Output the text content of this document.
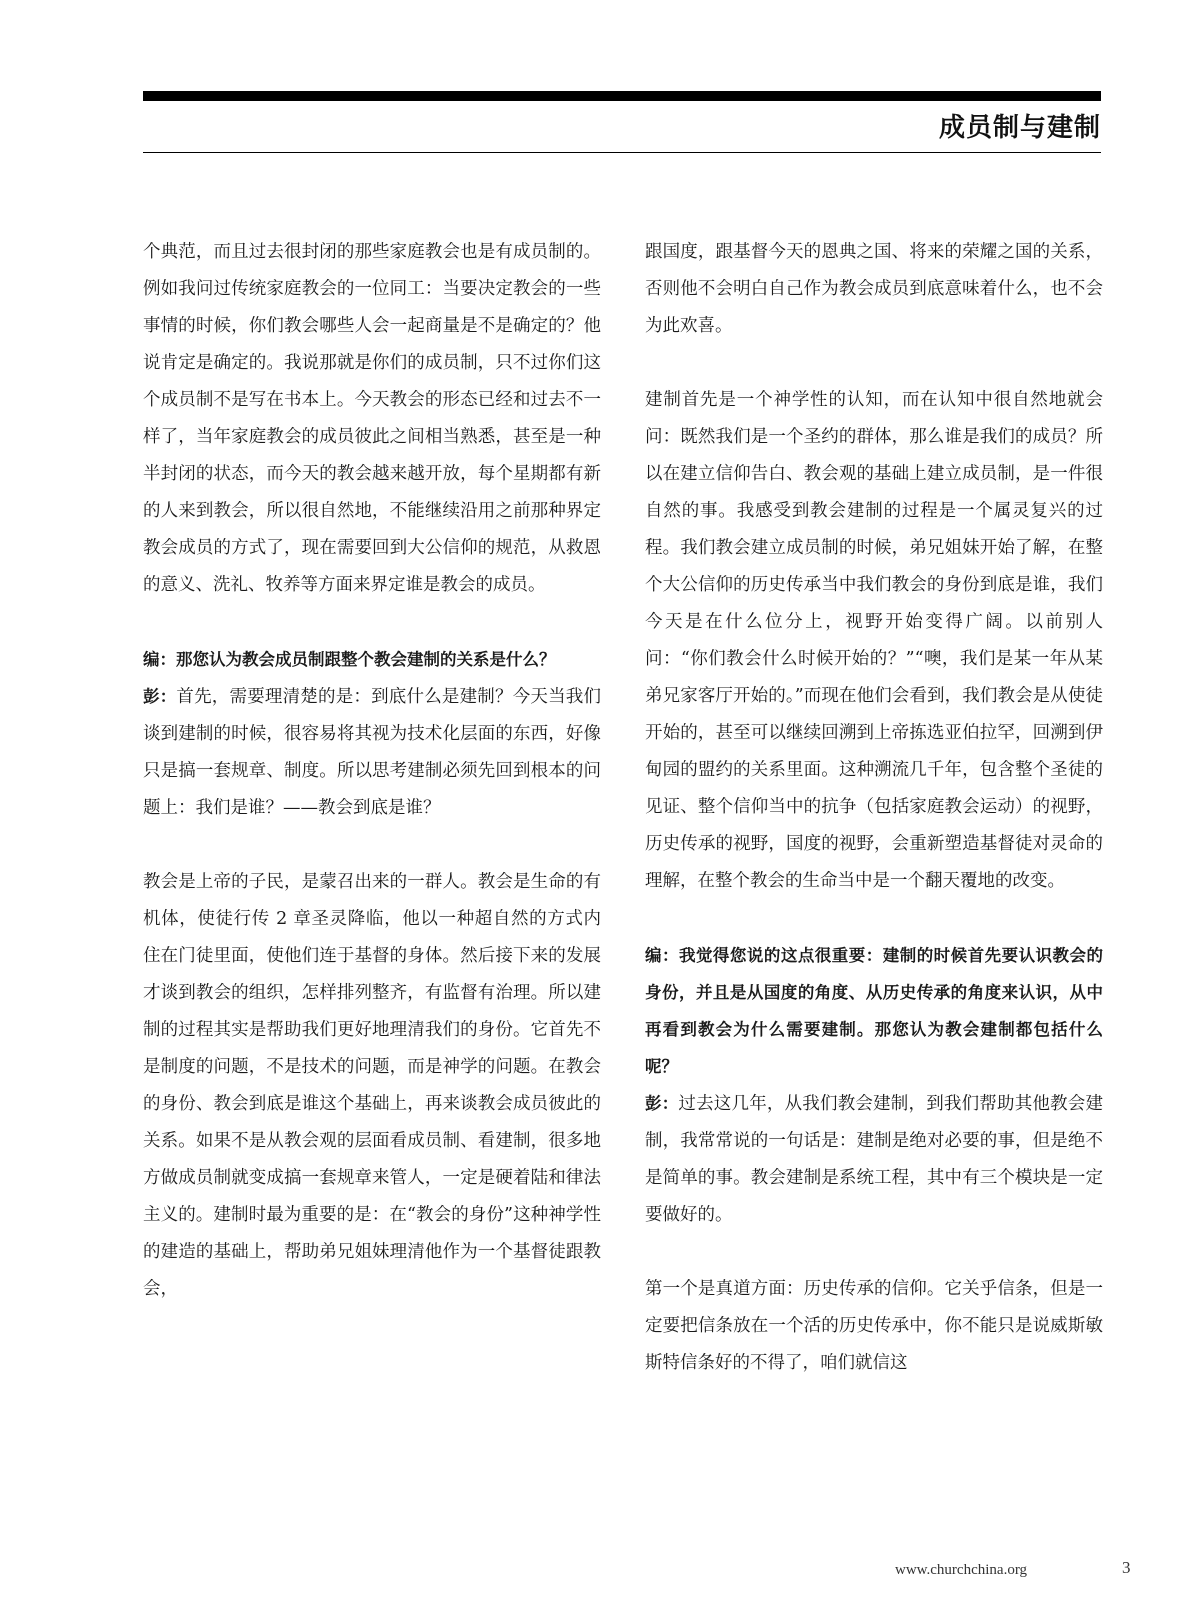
成员制与建制

个典范，而且过去很封闭的那些家庭教会也是有成员制的。例如我问过传统家庭教会的一位同工：当要决定教会的一些事情的时候，你们教会哪些人会一起商量是不是确定的？他说肯定是确定的。我说那就是你们的成员制，只不过你们这个成员制不是写在书本上。今天教会的形态已经和过去不一样了，当年家庭教会的成员彼此之间相当熟悉，甚至是一种半封闭的状态，而今天的教会越来越开放，每个星期都有新的人来到教会，所以很自然地，不能继续沿用之前那种界定教会成员的方式了，现在需要回到大公信仰的规范，从救恩的意义、洗礼、牧养等方面来界定谁是教会的成员。

编：那您认为教会成员制跟整个教会建制的关系是什么？

彭：首先，需要理清楚的是：到底什么是建制？今天当我们谈到建制的时候，很容易将其视为技术化层面的东西，好像只是搞一套规章、制度。所以思考建制必须先回到根本的问题上：我们是谁？——教会到底是谁？

教会是上帝的子民，是蒙召出来的一群人。教会是生命的有机体，使徒行传 2 章圣灵降临，他以一种超自然的方式内住在门徒里面，使他们连于基督的身体。然后接下来的发展才谈到教会的组织，怎样排列整齐，有监督有治理。所以建制的过程其实是帮助我们更好地理清我们的身份。它首先不是制度的问题，不是技术的问题，而是神学的问题。在教会的身份、教会到底是谁这个基础上，再来谈教会成员彼此的关系。如果不是从教会观的层面看成员制、看建制，很多地方做成员制就变成搞一套规章来管人，一定是硬着陆和律法主义的。建制时最为重要的是：在“教会的身份”这种神学性的建造的基础上，帮助弟兄姐妹理清他作为一个基督徒跟教会，

跟国度，跟基督今天的恩典之国、将来的荣耀之国的关系，否则他不会明白自己作为教会成员到底意味着什么，也不会为此欢喜。

建制首先是一个神学性的认知，而在认知中很自然地就会问：既然我们是一个圣约的群体，那么谁是我们的成员？所以在建立信仰告白、教会观的基础上建立成员制，是一件很自然的事。我感受到教会建制的过程是一个属灵复兴的过程。我们教会建立成员制的时候，弟兄姐妹开始了解，在整个大公信仰的历史传承当中我们教会的身份到底是谁，我们今天是在什么位分上，视野开始变得广阔。以前别人问：“你们教会什么时候开始的？”“噢，我们是某一年从某弟兄家客厅开始的。”而现在他们会看到，我们教会是从使徒开始的，甚至可以继续回溯到上帝拣选亚伯拉罕，回溯到伊甸园的盟约的关系里面。这种溯流几千年，包含整个圣徒的见证、整个信仰当中的抗争（包括家庭教会运动）的视野，历史传承的视野，国度的视野，会重新塑造基督徒对灵命的理解，在整个教会的生命当中是一个翻天覆地的改变。

编：我觉得您说的这点很重要：建制的时候首先要认识教会的身份，并且是从国度的角度、从历史传承的角度来认识，从中再看到教会为什么需要建制。那您认为教会建制都包括什么呢？

彭：过去这几年，从我们教会建制，到我们帮助其他教会建制，我常常说的一句话是：建制是绝对必要的事，但是绝不是简单的事。教会建制是系统工程，其中有三个模块是一定要做好的。

第一个是真道方面：历史传承的信仰。它关乎信条，但是一定要把信条放在一个活的历史传承中，你不能只是说威斯敏斯特信条好的不得了，咱们就信这

www.churchchina.org	3
